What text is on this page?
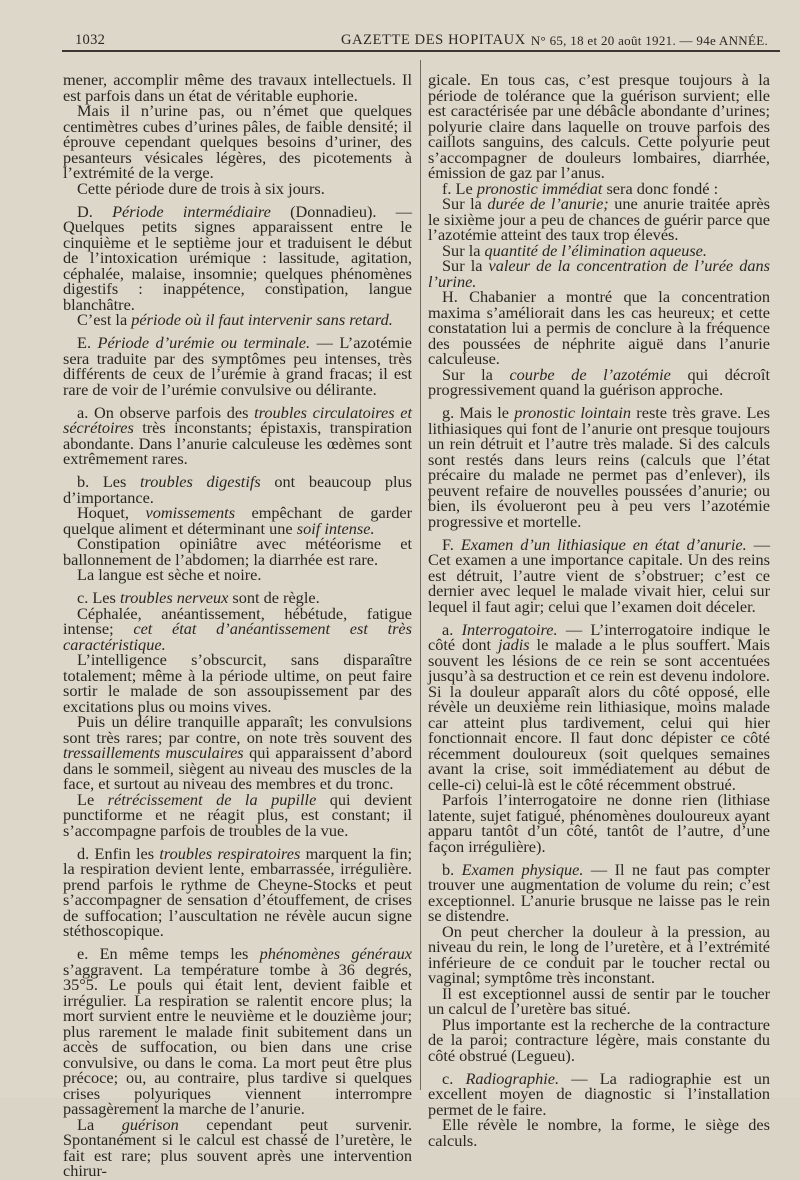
1032	GAZETTE DES HOPITAUX N° 65, 18 et 20 août 1921. — 94e ANNÉE.

mener, accomplir même des travaux intellectuels. Il est parfois dans un état de véritable euphorie.

Mais il n’urine pas, ou n’émet que quelques centimètres cubes d’urines pâles, de faible densité; il éprouve cependant quelques besoins d’uriner, des pesanteurs vésicales légères, des picotements à l’extrémité de la verge.

Cette période dure de trois à six jours.

D. Période intermédiaire (Donnadieu). — Quelques petits signes apparaissent entre le cinquième et le septième jour et traduisent le début de l’intoxication urémique : lassitude, agitation, céphalée, malaise, insomnie; quelques phénomènes digestifs : inappétence, constipation, langue blanchâtre.

C’est la période où il faut intervenir sans retard.

E. Période d’urémie ou terminale. — L’azotémie sera traduite par des symptômes peu intenses, très différents de ceux de l’urémie à grand fracas; il est rare de voir de l’urémie convulsive ou délirante.

a. On observe parfois des troubles circulatoires et sécrétoires très inconstants; épistaxis, transpiration abondante. Dans l’anurie calculeuse les œdèmes sont extrêmement rares.

b. Les troubles digestifs ont beaucoup plus d’importance.

Hoquet, vomissements empêchant de garder quelque aliment et déterminant une soif intense.

Constipation opiniâtre avec météorisme et ballonnement de l’abdomen; la diarrhée est rare.

La langue est sèche et noire.

c. Les troubles nerveux sont de règle.

Céphalée, anéantissement, hébétude, fatigue intense; cet état d’anéantissement est très caractéristique.

L’intelligence s’obscurcit, sans disparaître totalement; même à la période ultime, on peut faire sortir le malade de son assoupissement par des excitations plus ou moins vives.

Puis un délire tranquille apparaît; les convulsions sont très rares; par contre, on note très souvent des tressaillements musculaires qui apparaissent d’abord dans le sommeil, siègent au niveau des muscles de la face, et surtout au niveau des membres et du tronc.

Le rétrécissement de la pupille qui devient punctiforme et ne réagit plus, est constant; il s’accompagne parfois de troubles de la vue.

d. Enfin les troubles respiratoires marquent la fin; la respiration devient lente, embarrassée, irrégulière. prend parfois le rythme de Cheyne-Stocks et peut s’accompagner de sensation d’étouffement, de crises de suffocation; l’auscultation ne révèle aucun signe stéthoscopique.

e. En même temps les phénomènes généraux s’aggravent. La température tombe à 36 degrés, 35°5. Le pouls qui était lent, devient faible et irrégulier. La respiration se ralentit encore plus; la mort survient entre le neuvième et le douzième jour; plus rarement le malade finit subitement dans un accès de suffocation, ou bien dans une crise convulsive, ou dans le coma. La mort peut être plus précoce; ou, au contraire, plus tardive si quelques crises polyuriques viennent interrompre passagèrement la marche de l’anurie.

La guérison cependant peut survenir. Spontanément si le calcul est chassé de l’uretère, le fait est rare; plus souvent après une intervention chirur-

gicale. En tous cas, c’est presque toujours à la période de tolérance que la guérison survient; elle est caractérisée par une débâcle abondante d’urines; polyurie claire dans laquelle on trouve parfois des caillots sanguins, des calculs. Cette polyurie peut s’accompagner de douleurs lombaires, diarrhée, émission de gaz par l’anus.

f. Le pronostic immédiat sera donc fondé :

Sur la durée de l’anurie; une anurie traitée après le sixième jour a peu de chances de guérir parce que l’azotémie atteint des taux trop élevés.

Sur la quantité de l’élimination aqueuse.

Sur la valeur de la concentration de l’urée dans l’urine.

H. Chabanier a montré que la concentration maxima s’améliorait dans les cas heureux; et cette constatation lui a permis de conclure à la fréquence des poussées de néphrite aiguë dans l’anurie calculeuse.

Sur la courbe de l’azotémie qui décroît progressivement quand la guérison approche.

g. Mais le pronostic lointain reste très grave. Les lithiasiques qui font de l’anurie ont presque toujours un rein détruit et l’autre très malade. Si des calculs sont restés dans leurs reins (calculs que l’état précaire du malade ne permet pas d’enlever), ils peuvent refaire de nouvelles poussées d’anurie; ou bien, ils évolueront peu à peu vers l’azotémie progressive et mortelle.

F. Examen d’un lithiasique en état d’anurie. — Cet examen a une importance capitale. Un des reins est détruit, l’autre vient de s’obstruer; c’est ce dernier avec lequel le malade vivait hier, celui sur lequel il faut agir; celui que l’examen doit déceler.

a. Interrogatoire. — L’interrogatoire indique le côté dont jadis le malade a le plus souffert. Mais souvent les lésions de ce rein se sont accentuées jusqu’à sa destruction et ce rein est devenu indolore. Si la douleur apparaît alors du côté opposé, elle révèle un deuxième rein lithiasique, moins malade car atteint plus tardivement, celui qui hier fonctionnait encore. Il faut donc dépister ce côté récemment douloureux (soit quelques semaines avant la crise, soit immédiatement au début de celle-ci) celui-là est le côté récemment obstrué.

Parfois l’interrogatoire ne donne rien (lithiase latente, sujet fatigué, phénomènes douloureux ayant apparu tantôt d’un côté, tantôt de l’autre, d’une façon irrégulière).

b. Examen physique. — Il ne faut pas compter trouver une augmentation de volume du rein; c’est exceptionnel. L’anurie brusque ne laisse pas le rein se distendre.

On peut chercher la douleur à la pression, au niveau du rein, le long de l’uretère, et à l’extrémité inférieure de ce conduit par le toucher rectal ou vaginal; symptôme très inconstant.

Il est exceptionnel aussi de sentir par le toucher un calcul de l’uretère bas situé.

Plus importante est la recherche de la contracture de la paroi; contracture légère, mais constante du côté obstrué (Legueu).

c. Radiographie. — La radiographie est un excellent moyen de diagnostic si l’installation permet de le faire.

Elle révèle le nombre, la forme, le siège des calculs.
